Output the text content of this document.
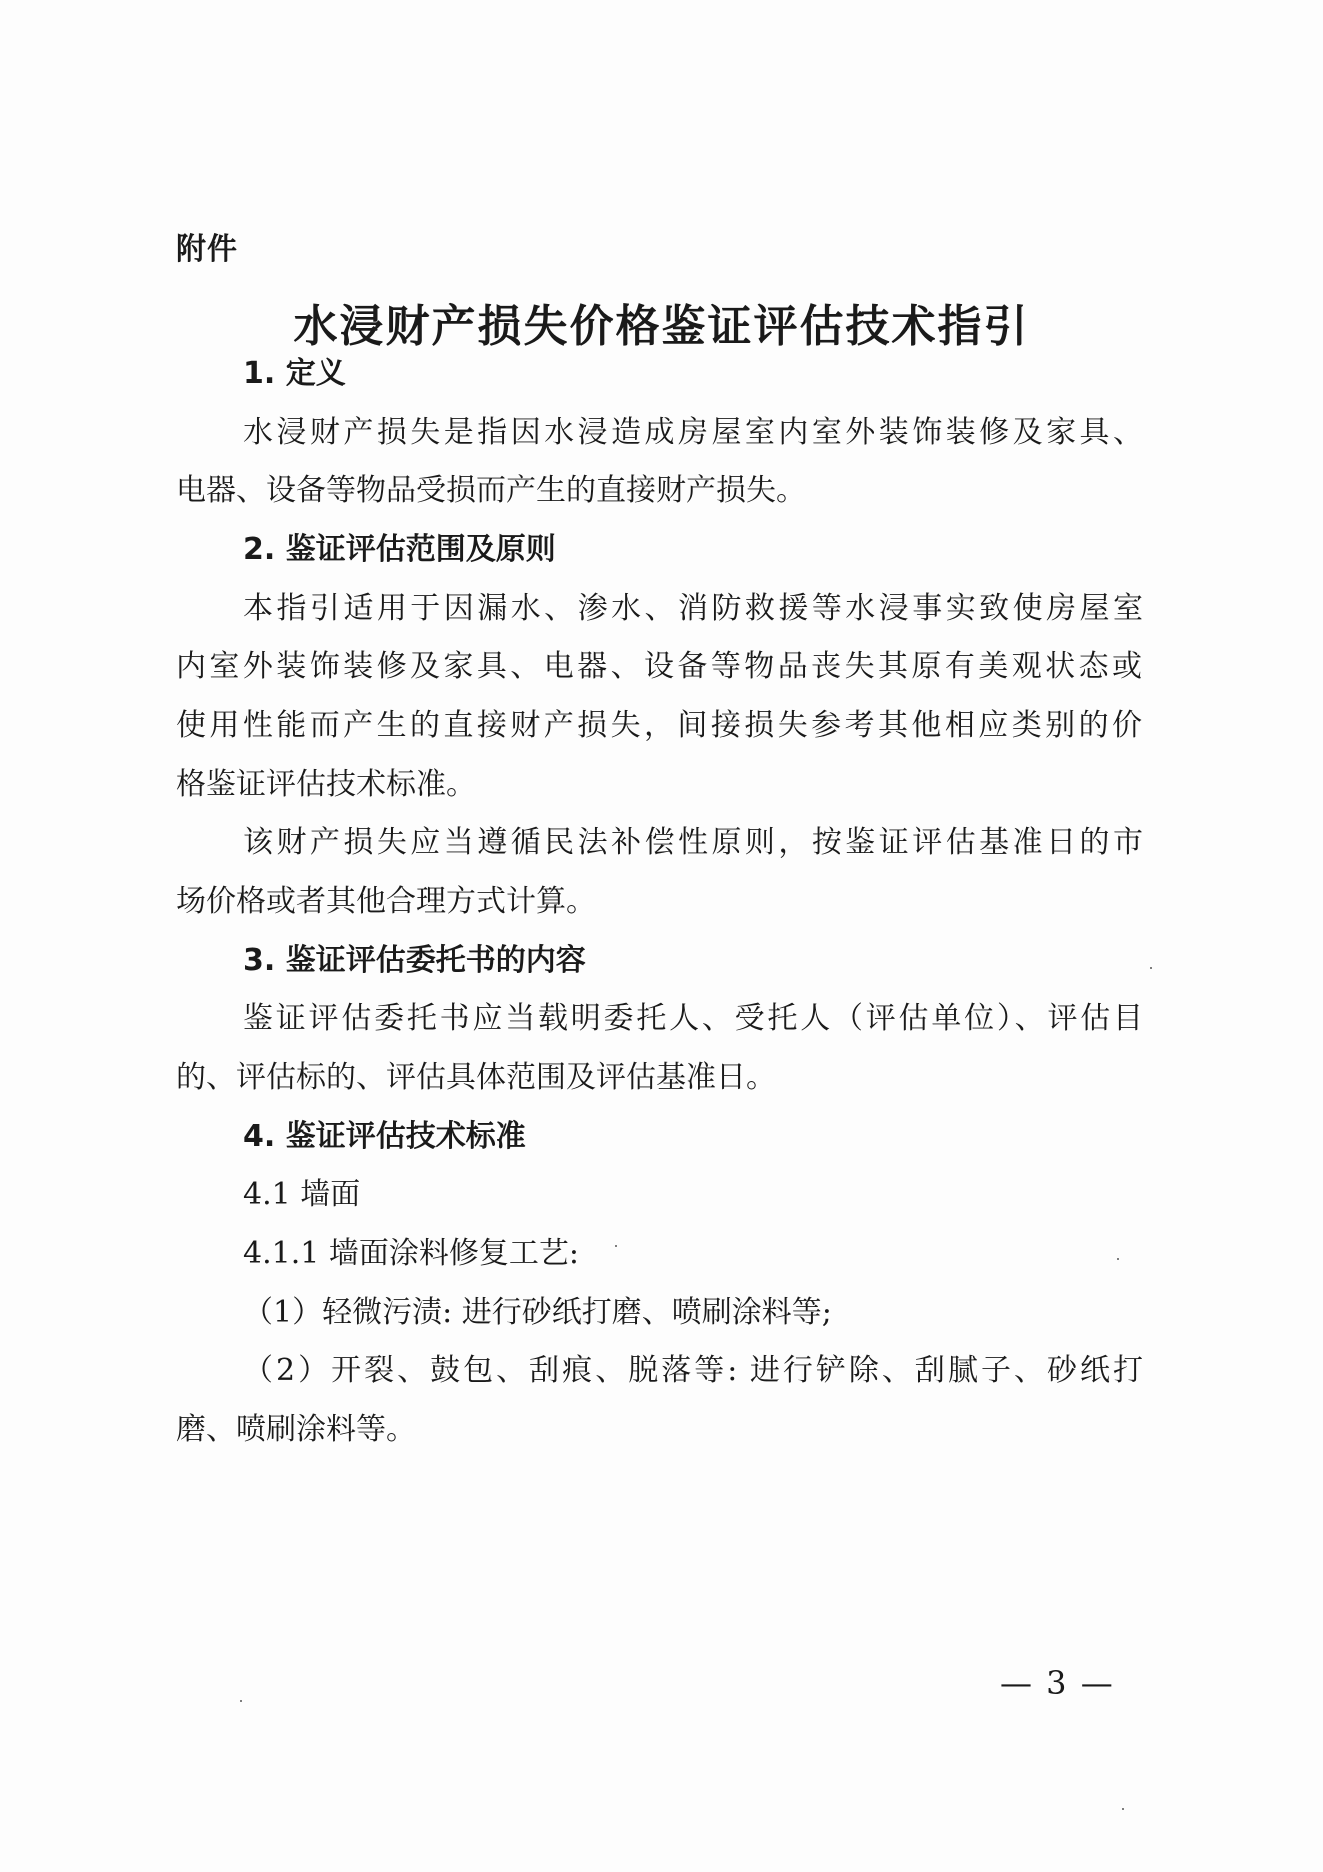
附件
水浸财产损失价格鉴证评估技术指引
1. 定义
水浸财产损失是指因水浸造成房屋室内室外装饰装修及家具、
电器、设备等物品受损而产生的直接财产损失。
2. 鉴证评估范围及原则
本指引适用于因漏水、渗水、消防救援等水浸事实致使房屋室
内室外装饰装修及家具、电器、设备等物品丧失其原有美观状态或
使用性能而产生的直接财产损失，间接损失参考其他相应类别的价
格鉴证评估技术标准。
该财产损失应当遵循民法补偿性原则，按鉴证评估基准日的市
场价格或者其他合理方式计算。
3. 鉴证评估委托书的内容
鉴证评估委托书应当载明委托人、受托人（评估单位）、评估目
的、评估标的、评估具体范围及评估基准日。
4. 鉴证评估技术标准
4.1 墙面
4.1.1 墙面涂料修复工艺:
（1）轻微污渍: 进行砂纸打磨、喷刷涂料等;
（2）开裂、鼓包、刮痕、脱落等: 进行铲除、刮腻子、砂纸打
磨、喷刷涂料等。
— 3 —
